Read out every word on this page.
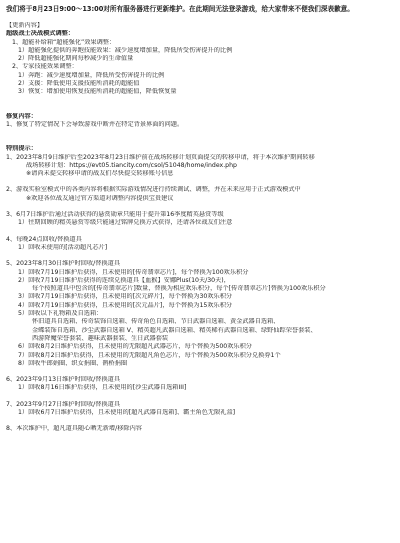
我们将于8月23日9:00～13:00对所有服务器进行更新维护。在此期间无法登录游戏，给大家带来不便我们深表歉意。
【更新内容】
超级战士决战模式调整：
1、超能补给箱“超能强化”效果调整：
1）超能强化提供的奔跑技能效果：减少速度增加量，降低所受伤害提升的比例
2）降低超能强化期间每秒减少的生命值量
2、专家技能效果调整：
1）奔跑：减少速度增加量，降低所受伤害提升的比例
2）支援：降低使用支援技能所消耗的超能值
3）恢复：增加使用恢复技能所消耗的超能值，降低恢复量
修复内容：
1、修复了特定情况下会导致游戏中断并在特定背景界面的问题。
特别提示：
1、2023年8月9日维护后至2023年8月23日维护前在战场转移计划页面提交的转移申请，将于本次维护期间转移
战场转移计划：https://evt05.tiancity.com/csol/51048/home/index.php
※请尚未提交转移申请的战友们尽快提交转移账号信息
2、游戏实验室模式中的各类内容将根据实际游戏情况进行持续调试、调整，并在未来应用于正式游戏模式中
※欢迎各位战友通过官方渠道对调整内容提供宝贵建议
3、6月7日维护后通过活动获得的悬赏勋章只能用于提升第16季度精英悬赏等级
1）往期回顾的精英悬赏等级只能通过铭牌兑换方式获得，还请各位战友们注意
4、每晚24点回收/替换道具
1）回收未使用的[活动超凡芯片]
5、2023年8月30日维护时回收/替换道具
1）回收7月19日维护后获得，且未使用的[传奇翡翠芯片]，每个替换为100欢乐积分
2）回收7月19日维护后获得的连续兑换道具【血猴】安娜Plus(10天/30天)，
每个按照道具中包含的[传奇翡翠芯片]数量，替换为相应欢乐积分，每个[传奇翡翠芯片]替换为100欢乐积分
3）回收7月19日维护后获得，且未使用的[次元碎片]，每个替换为30欢乐积分
4）回收7月19日维护后获得，且未使用的[次元晶片]，每个替换为15欢乐积分
5）回收以下礼物箱及自选箱：
怀旧道具自选箱、传奇装饰自选箱、传奇角色自选箱、节日武器自选箱、黄金武器自选箱、
金蝶装饰自选箱、沙尘武器自选箱 V、精英超凡武器自选箱、精英稀有武器自选箱、绿野仙踪荣誉套装、
西游降魔荣誉套装、趣味武器套装、生日武器套装
6）回收8月2日维护后获得，且未使用的无限超凡武器芯片，每个替换为500欢乐积分
7）回收8月2日维护后获得，且未使用的无限超凡角色芯片，每个替换为500欢乐积分兑换券1个
8）回收牛郎娟圈、织女捐圈、鹊桥捐圈
6、2023年9月13日维护时回收/替换道具
1）回收8月16日维护后获得，且未使用的[沙尘武器自选箱III]
7、2023年9月27日维护时回收/替换道具
1）回收6月7日维护后获得，且未使用的[超凡武器自选箱]、霸主角色无限礼盒]
8、本次维护中，超凡道具随心晒无新增/移除内容
